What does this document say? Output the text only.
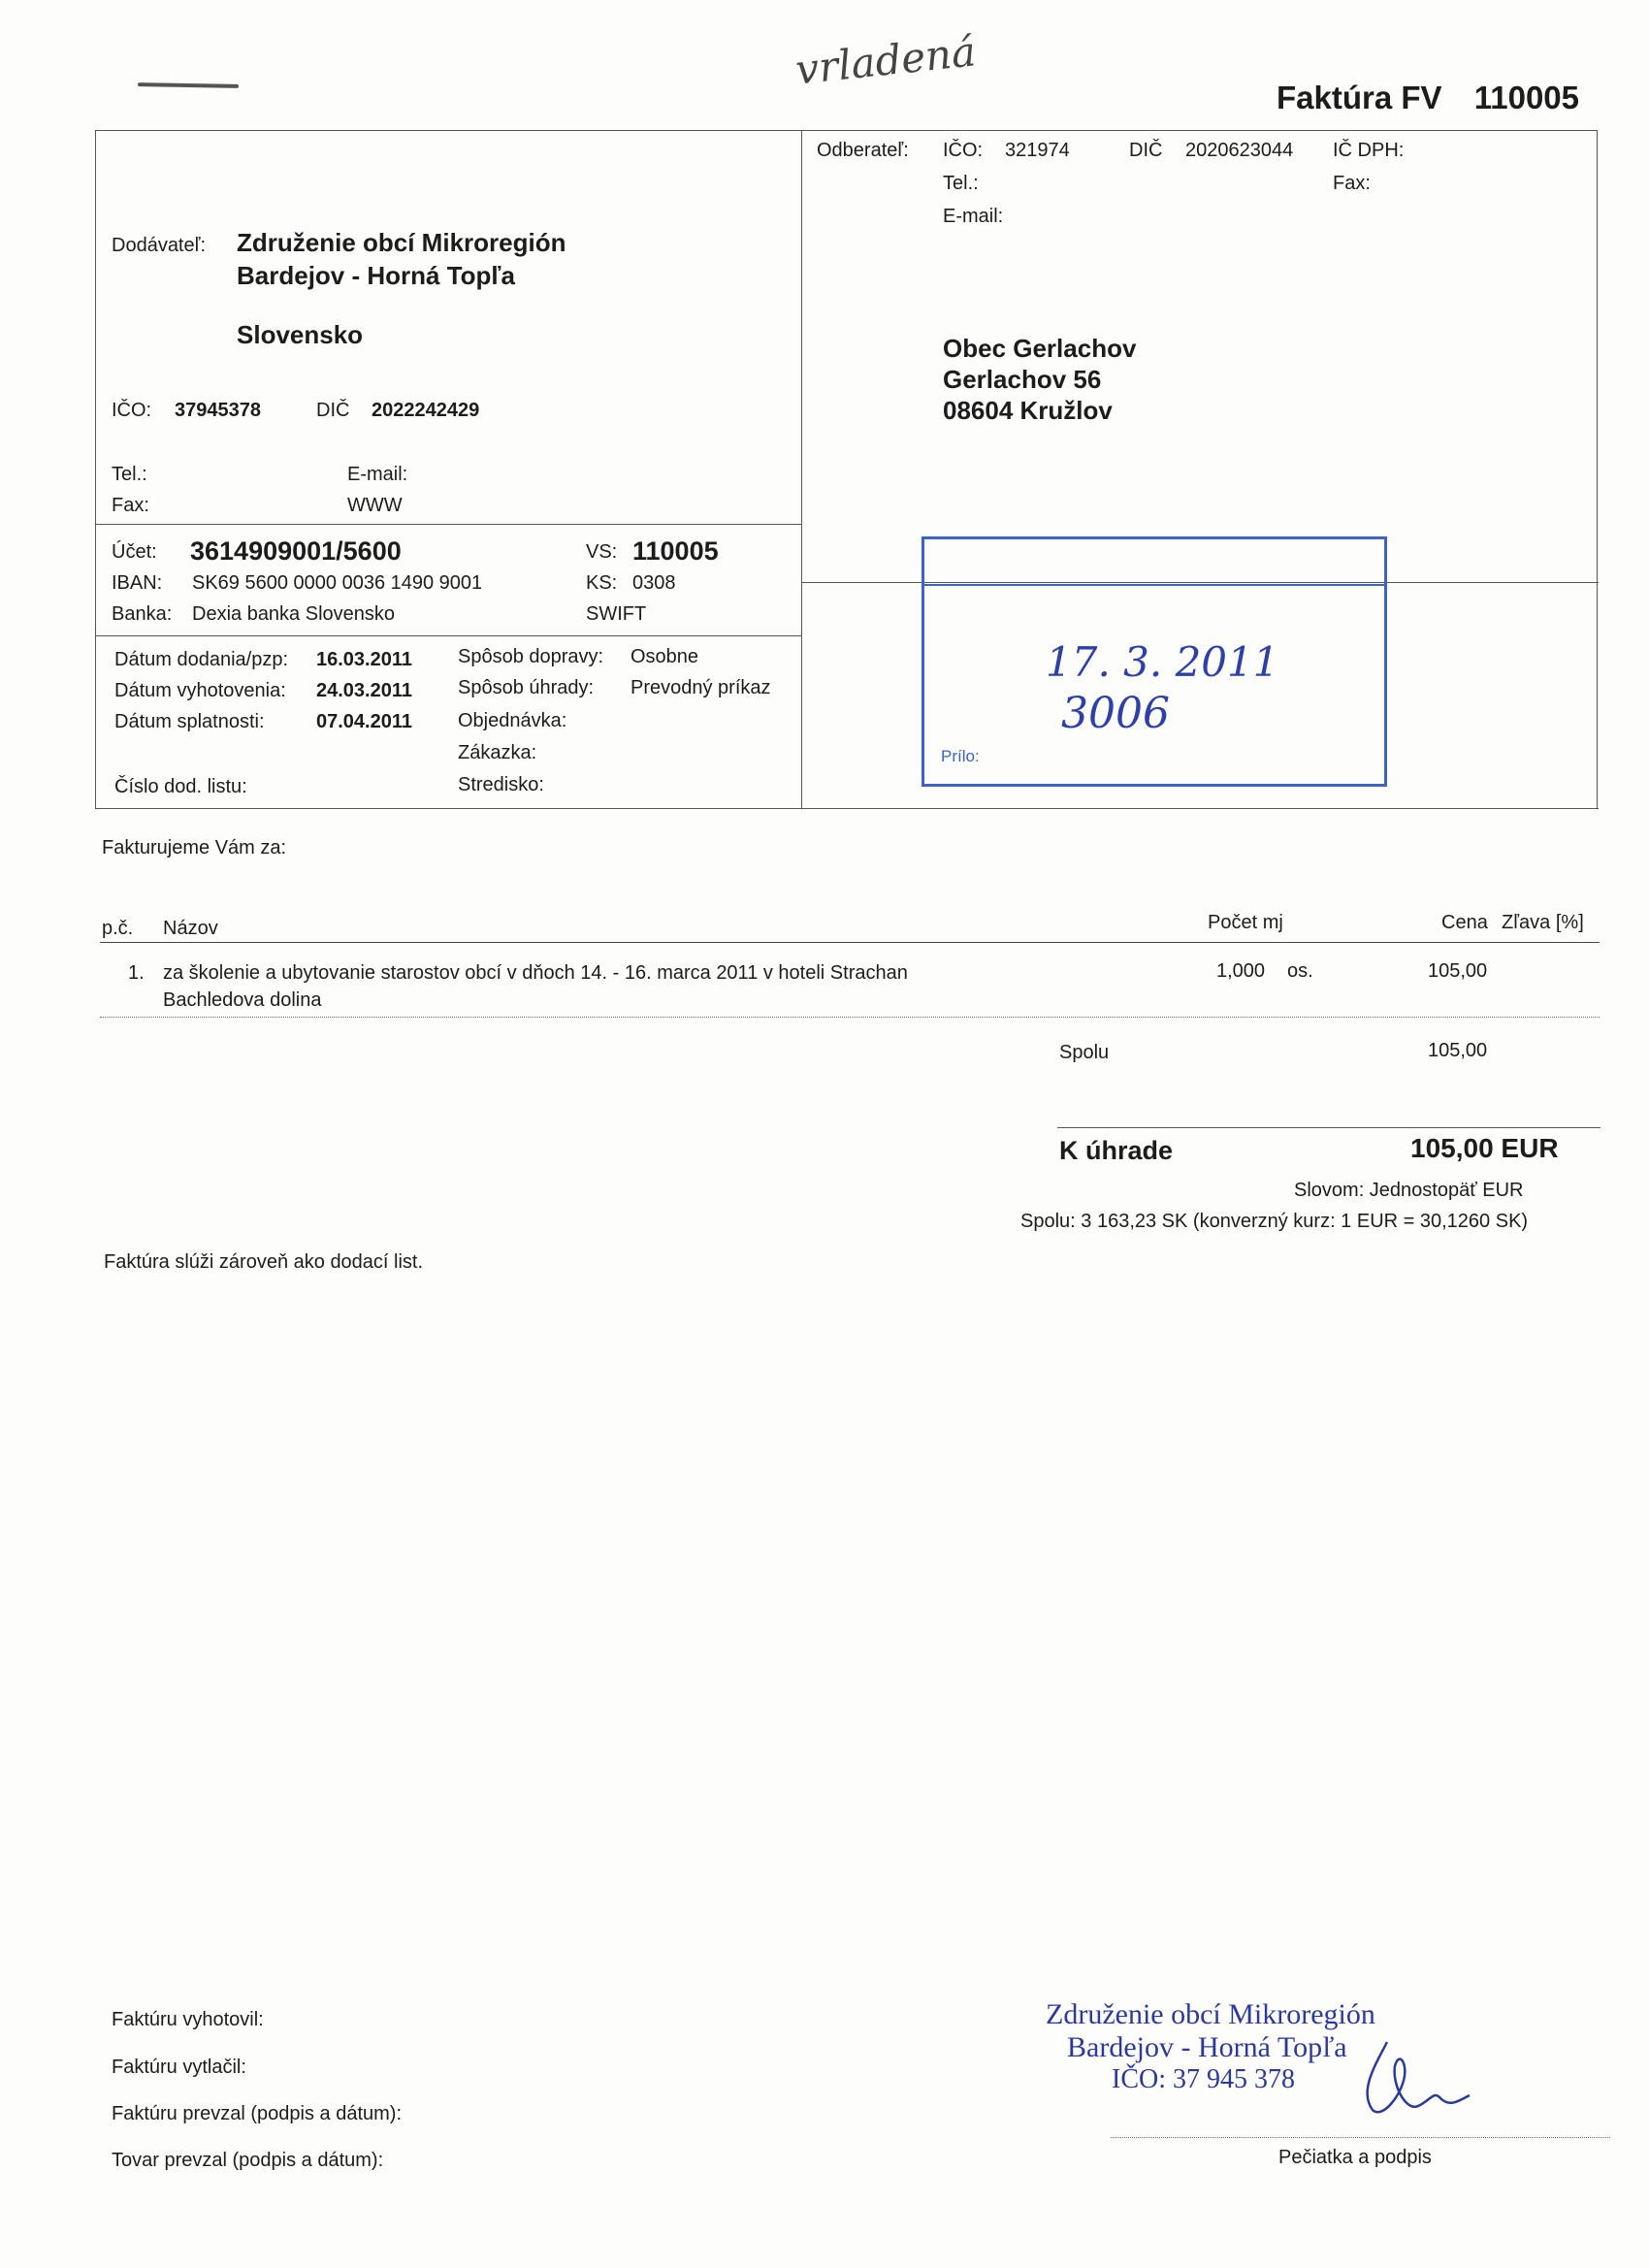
vrladená
Faktúra FV 110005
Dodávateľ: Združenie obcí Mikroregión
Bardejov - Horná Topľa
Slovensko
IČO: 37945378	DIČ 2022242429
Tel.:	E-mail:
Fax:	WWW
Odberateľ: IČO: 321974	DIČ 2020623044 IČ DPH:
Tel.:	Fax:
E-mail:
Obec Gerlachov
Gerlachov 56
08604 Kružlov
Účet: 3614909001/5600	VS: 110005
IBAN: SK69 5600 0000 0036 1490 9001	KS: 0308
Banka: Dexia banka Slovensko	SWIFT
Dátum dodania/pzp: 16.03.2011
Dátum vyhotovenia: 24.03.2011
Dátum splatnosti:	07.04.2011
Spôsob dopravy: Osobne
Spôsob úhrady: Prevodný príkaz
Objednávka:
Zákazka:
Číslo dod. listu:	Stredisko:
17. 3. 2011
3006
Prílo:
Fakturujeme Vám za:
p.č. Názov	Počet mj	Cena Zľava [%]
1. za školenie a ubytovanie starostov obcí v dňoch 14. - 16. marca 2011 v hoteli Strachan
Bachledova dolina
1,000 os.	105,00
Spolu	105,00
K úhrade	105,00 EUR
Slovom: Jednostopäť EUR
Spolu: 3 163,23 SK (konverzný kurz: 1 EUR = 30,1260 SK)
Faktúra slúži zároveň ako dodací list.
Faktúru vyhotovil:
Faktúru vytlačil:
Faktúru prevzal (podpis a dátum):
Tovar prevzal (podpis a dátum):
Združenie obcí Mikroregión
Bardejov - Horná Topľa
IČO: 37 945 378
Pečiatka a podpis
